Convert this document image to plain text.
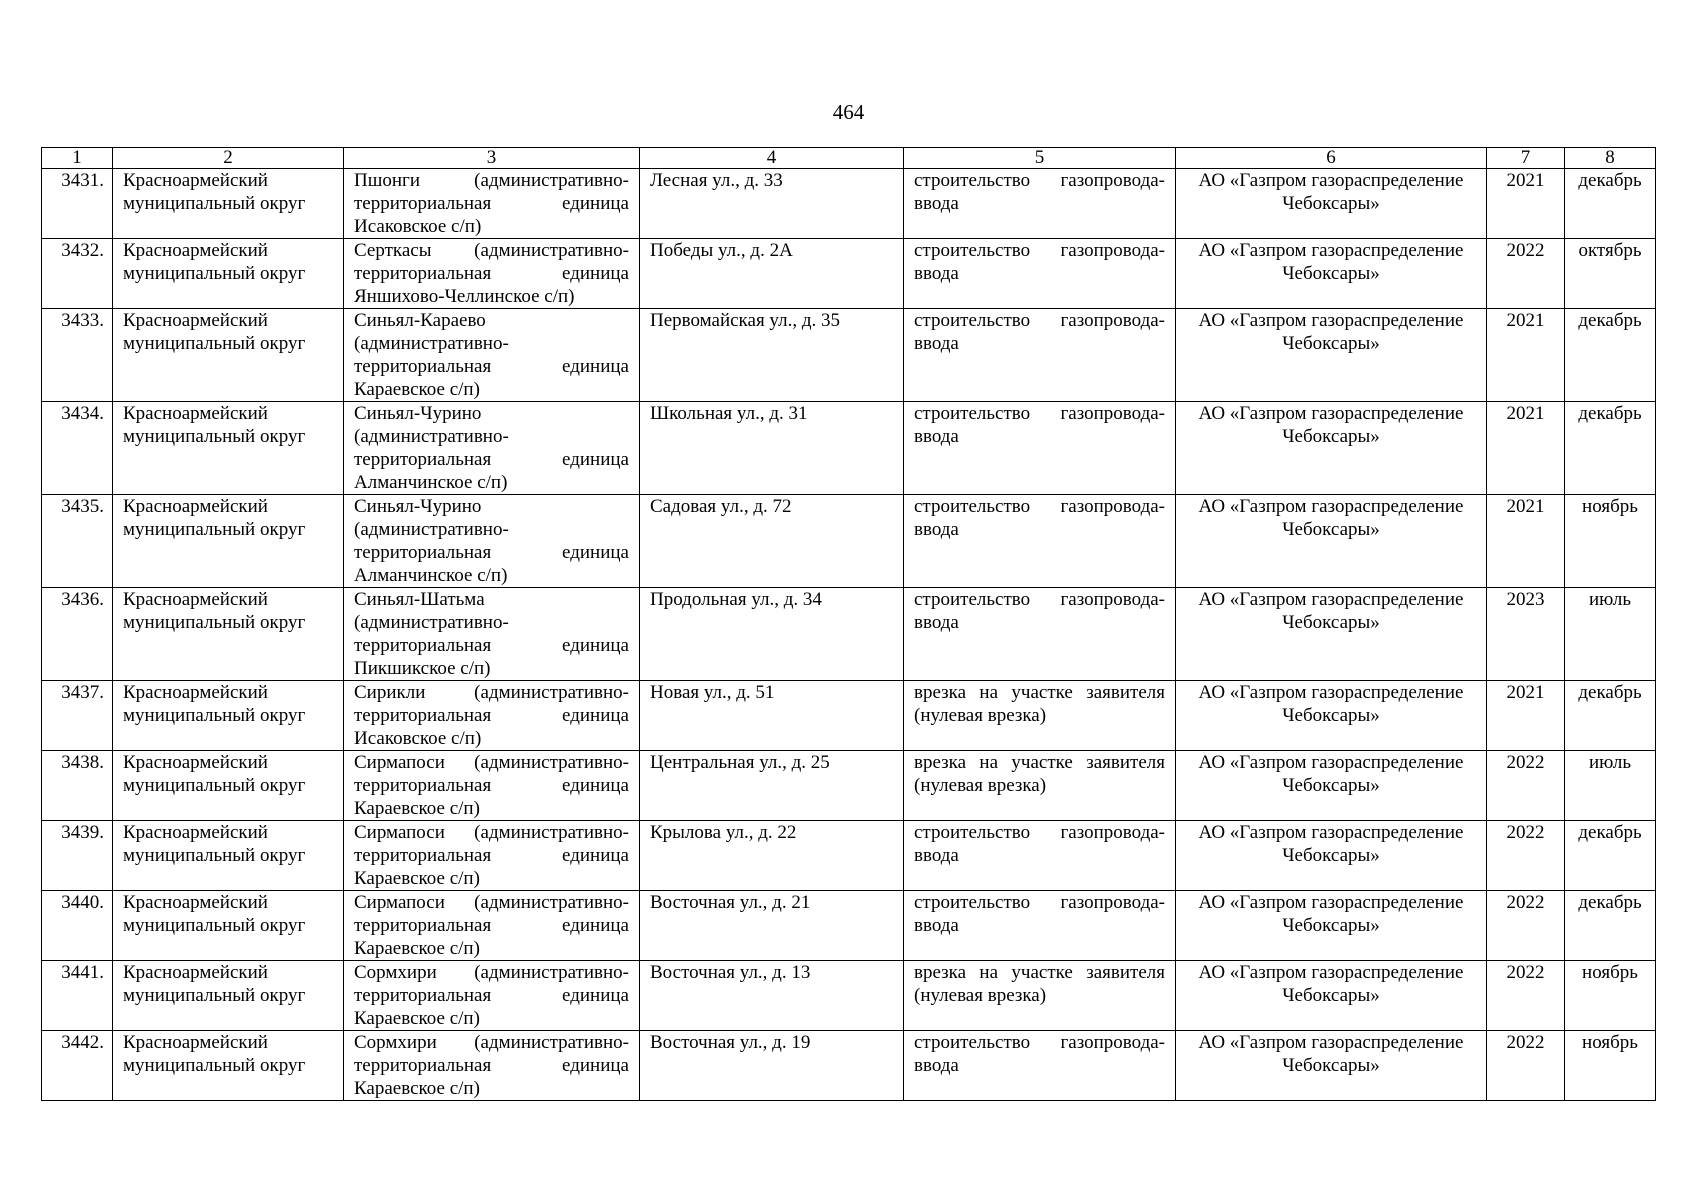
464
1	2	3	4	5	6	7	8
3431.	Красноармейский муниципальный округ	Пшонги (административно-территориальная единица Исаковское с/п)	Лесная ул., д. 33	строительство газопровода-ввода	АО «Газпром газораспределение Чебоксары»	2021	декабрь
3432.	Красноармейский муниципальный округ	Серткасы (административно-территориальная единица Яншихово-Челлинское с/п)	Победы ул., д. 2А	строительство газопровода-ввода	АО «Газпром газораспределение Чебоксары»	2022	октябрь
3433.	Красноармейский муниципальный округ	Синьял-Караево (административно-территориальная единица Караевское с/п)	Первомайская ул., д. 35	строительство газопровода-ввода	АО «Газпром газораспределение Чебоксары»	2021	декабрь
3434.	Красноармейский муниципальный округ	Синьял-Чурино (административно-территориальная единица Алманчинское с/п)	Школьная ул., д. 31	строительство газопровода-ввода	АО «Газпром газораспределение Чебоксары»	2021	декабрь
3435.	Красноармейский муниципальный округ	Синьял-Чурино (административно-территориальная единица Алманчинское с/п)	Садовая ул., д. 72	строительство газопровода-ввода	АО «Газпром газораспределение Чебоксары»	2021	ноябрь
3436.	Красноармейский муниципальный округ	Синьял-Шатьма (административно-территориальная единица Пикшикское с/п)	Продольная ул., д. 34	строительство газопровода-ввода	АО «Газпром газораспределение Чебоксары»	2023	июль
3437.	Красноармейский муниципальный округ	Сирикли (административно-территориальная единица Исаковское с/п)	Новая ул., д. 51	врезка на участке заявителя (нулевая врезка)	АО «Газпром газораспределение Чебоксары»	2021	декабрь
3438.	Красноармейский муниципальный округ	Сирмапоси (административно-территориальная единица Караевское с/п)	Центральная ул., д. 25	врезка на участке заявителя (нулевая врезка)	АО «Газпром газораспределение Чебоксары»	2022	июль
3439.	Красноармейский муниципальный округ	Сирмапоси (административно-территориальная единица Караевское с/п)	Крылова ул., д. 22	строительство газопровода-ввода	АО «Газпром газораспределение Чебоксары»	2022	декабрь
3440.	Красноармейский муниципальный округ	Сирмапоси (административно-территориальная единица Караевское с/п)	Восточная ул., д. 21	строительство газопровода-ввода	АО «Газпром газораспределение Чебоксары»	2022	декабрь
3441.	Красноармейский муниципальный округ	Сормхири (административно-территориальная единица Караевское с/п)	Восточная ул., д. 13	врезка на участке заявителя (нулевая врезка)	АО «Газпром газораспределение Чебоксары»	2022	ноябрь
3442.	Красноармейский муниципальный округ	Сормхири (административно-территориальная единица Караевское с/п)	Восточная ул., д. 19	строительство газопровода-ввода	АО «Газпром газораспределение Чебоксары»	2022	ноябрь
